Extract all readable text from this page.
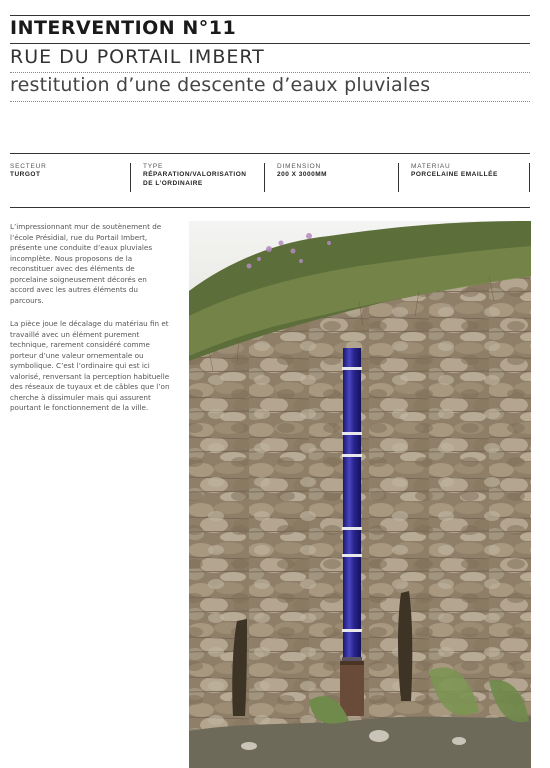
INTERVENTION N°11
RUE DU PORTAIL IMBERT
restitution d’une descente d’eaux pluviales
SECTEUR
TURGOT
TYPE
RÉPARATION/VALORISATION
DE L’ORDINAIRE
DIMENSION
200 X 3000MM
MATERIAU
PORCELAINE EMAILLÉE
L’impressionnant mur de soutènement de l’école Présidial, rue du Portail Imbert, présente une conduite d’eaux pluviales incomplète. Nous proposons de la reconstituer avec des éléments de porcelaine soigneusement décorés en accord avec les autres éléments du parcours.
La pièce joue le décalage du matériau fin et travaillé avec un élément purement technique, rarement considéré comme porteur d’une valeur ornementale ou symbolique. C’est l’ordinaire qui est ici valorisé, renversant la perception habituelle des réseaux de tuyaux et de câbles que l’on cherche à dissimuler mais qui assurent pourtant le fonctionnement de la ville.
